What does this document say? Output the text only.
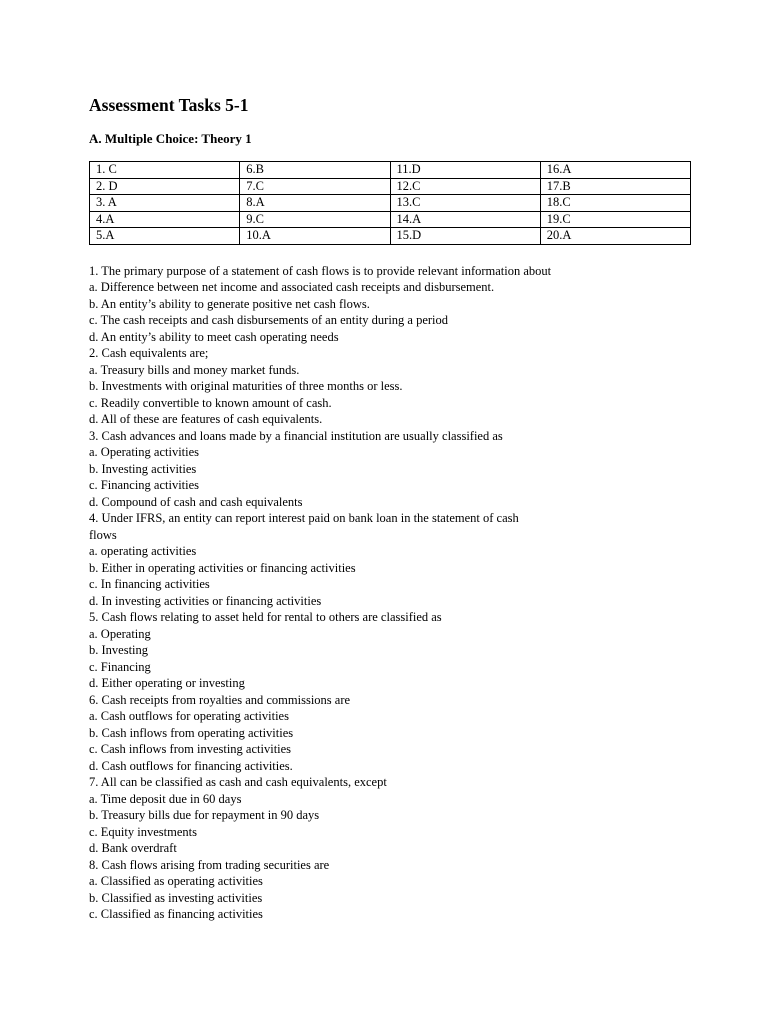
Assessment Tasks 5-1
A. Multiple Choice: Theory 1
1. C	6.B	11.D	16.A
2. D	7.C	12.C	17.B
3. A	8.A	13.C	18.C
4.A	9.C	14.A	19.C
5.A	10.A	15.D	20.A
1. The primary purpose of a statement of cash flows is to provide relevant information about
a. Difference between net income and associated cash receipts and disbursement.
b. An entity’s ability to generate positive net cash flows.
c. The cash receipts and cash disbursements of an entity during a period
d. An entity’s ability to meet cash operating needs
2. Cash equivalents are;
a. Treasury bills and money market funds.
b. Investments with original maturities of three months or less.
c. Readily convertible to known amount of cash.
d. All of these are features of cash equivalents.
3. Cash advances and loans made by a financial institution are usually classified as
a. Operating activities
b. Investing activities
c. Financing activities
d. Compound of cash and cash equivalents
4. Under IFRS, an entity can report interest paid on bank loan in the statement of cash
flows
a. operating activities
b. Either in operating activities or financing activities
c. In financing activities
d. In investing activities or financing activities
5. Cash flows relating to asset held for rental to others are classified as
a. Operating
b. Investing
c. Financing
d. Either operating or investing
6. Cash receipts from royalties and commissions are
a. Cash outflows for operating activities
b. Cash inflows from operating activities
c. Cash inflows from investing activities
d. Cash outflows for financing activities.
7. All can be classified as cash and cash equivalents, except
a. Time deposit due in 60 days
b. Treasury bills due for repayment in 90 days
c. Equity investments
d. Bank overdraft
8. Cash flows arising from trading securities are
a. Classified as operating activities
b. Classified as investing activities
c. Classified as financing activities
